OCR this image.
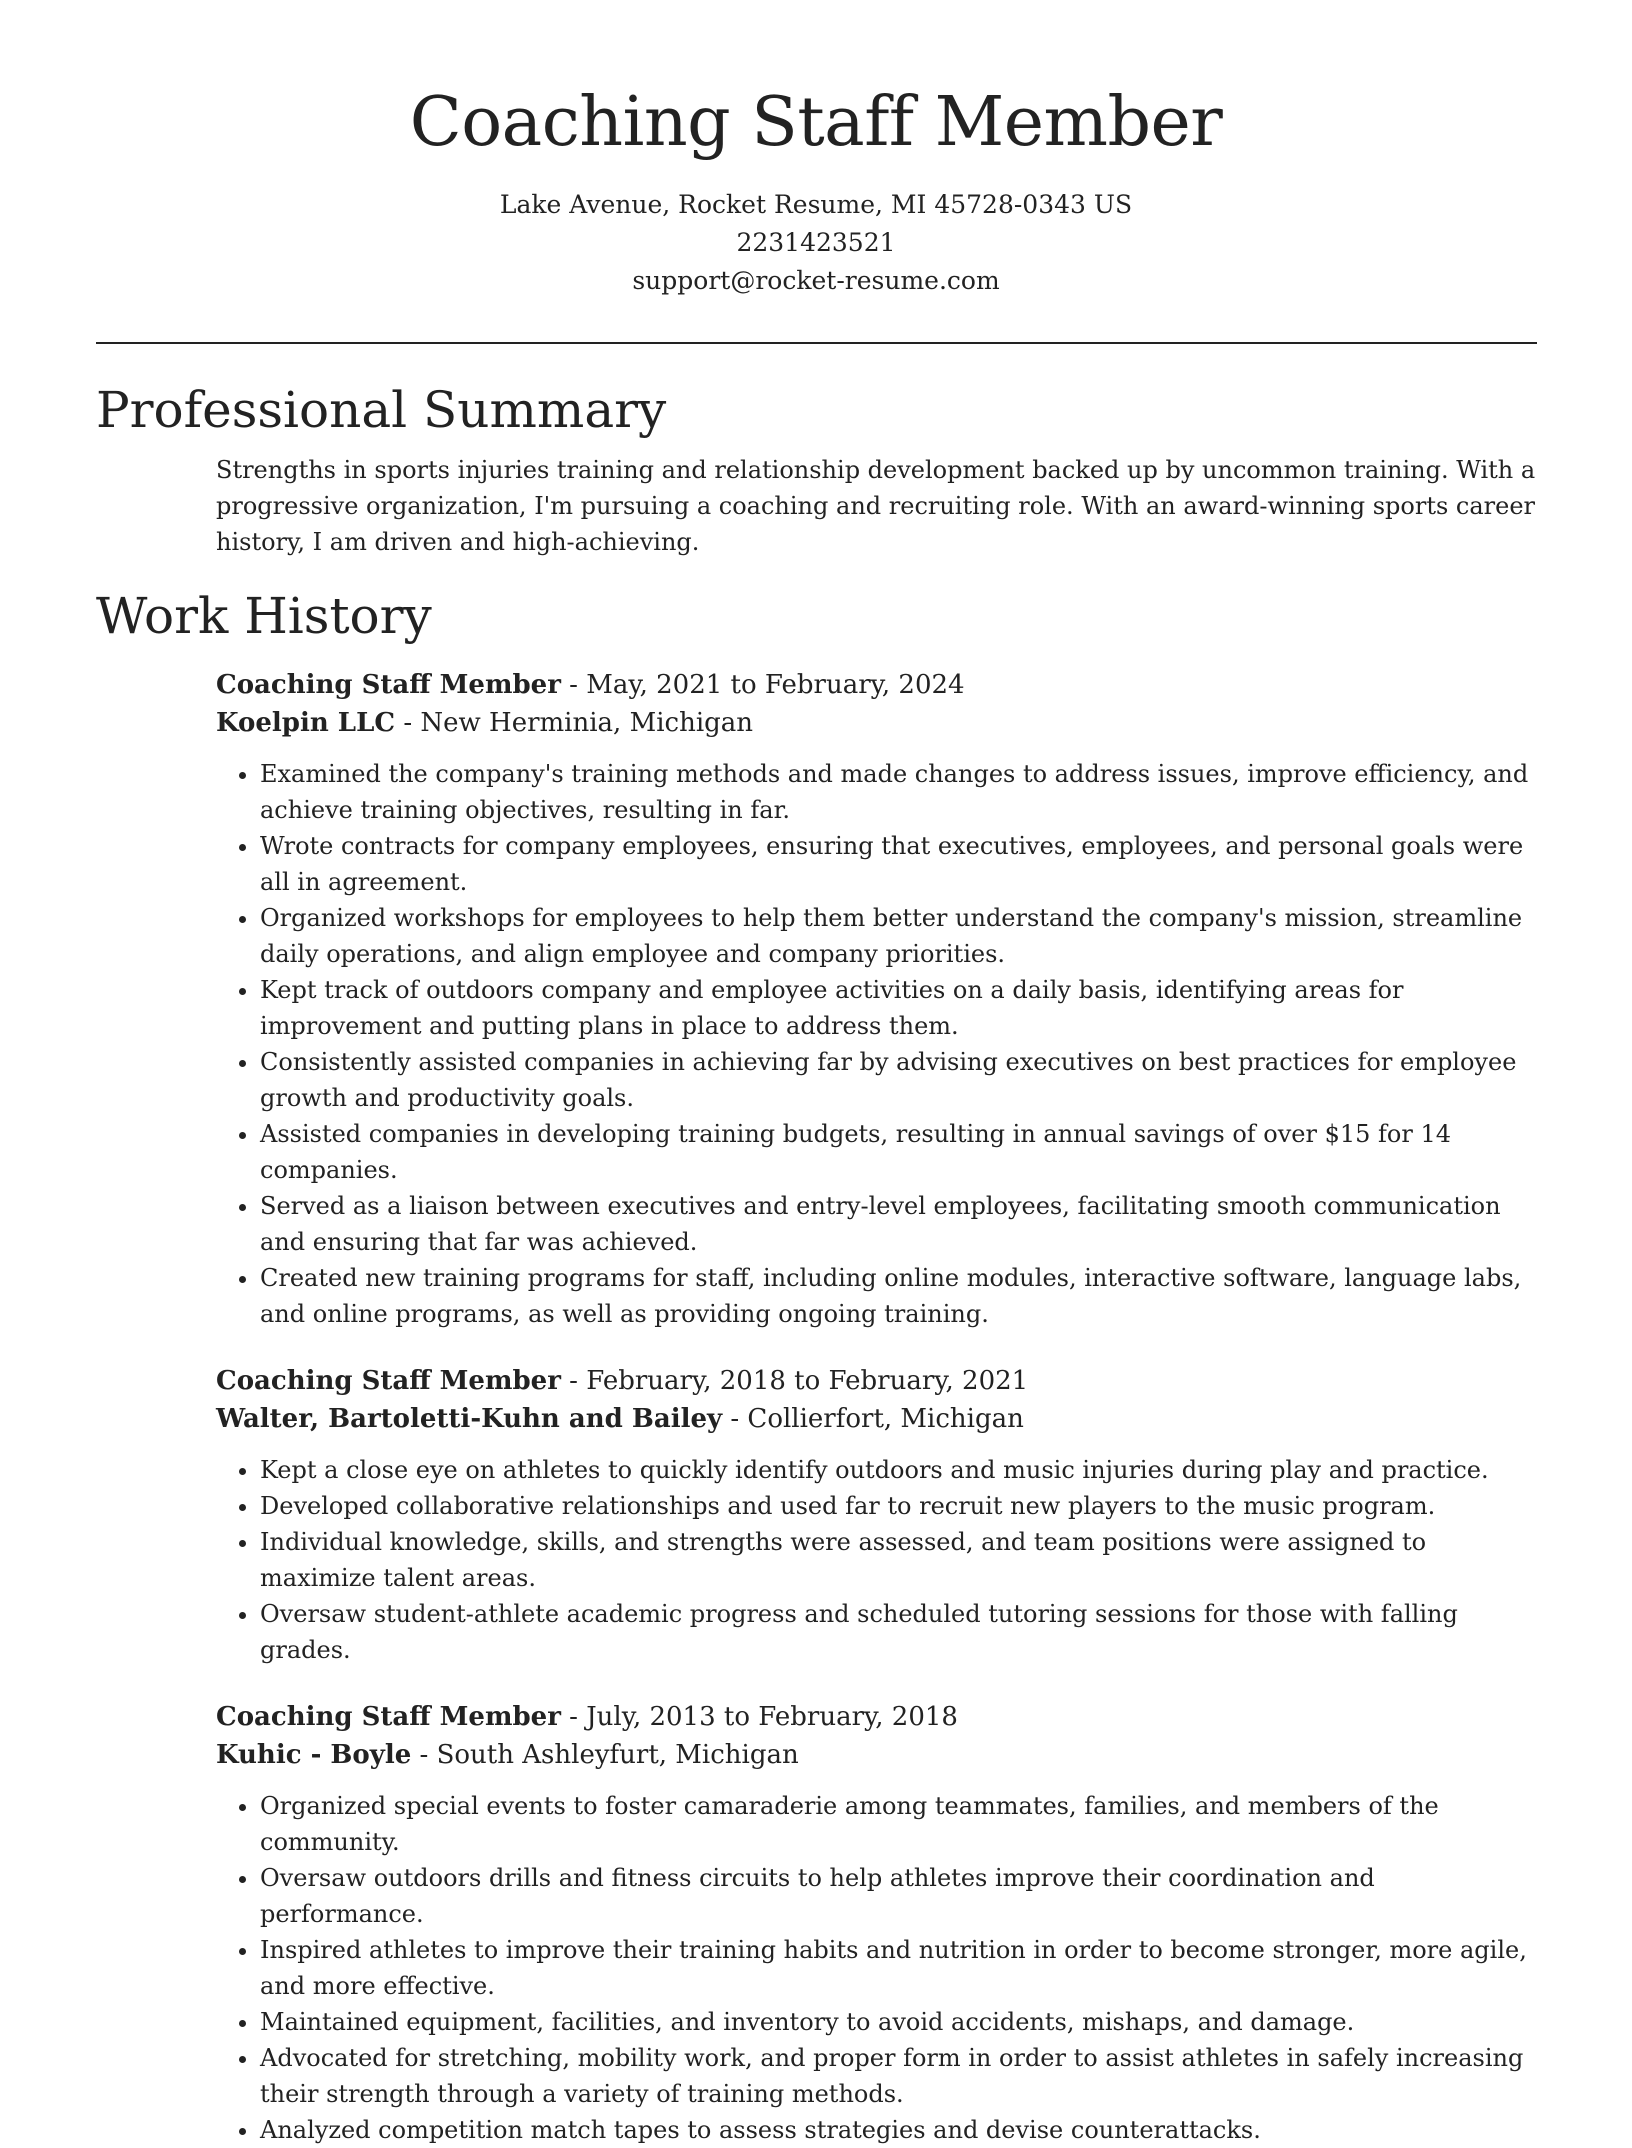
Coaching Staff Member
Lake Avenue, Rocket Resume, MI 45728-0343 US
2231423521
support@rocket-resume.com
Professional Summary

Strengths in sports injuries training and relationship development backed up by uncommon training. With a progressive organization, I'm pursuing a coaching and recruiting role. With an award-winning sports career history, I am driven and high-achieving.

Work History
Coaching Staff Member - May, 2021 to February, 2024
Koelpin LLC - New Herminia, Michigan
• Examined the company's training methods and made changes to address issues, improve efficiency, and achieve training objectives, resulting in far.
• Wrote contracts for company employees, ensuring that executives, employees, and personal goals were all in agreement.
• Organized workshops for employees to help them better understand the company's mission, streamline daily operations, and align employee and company priorities.
• Kept track of outdoors company and employee activities on a daily basis, identifying areas for improvement and putting plans in place to address them.
• Consistently assisted companies in achieving far by advising executives on best practices for employee growth and productivity goals.
• Assisted companies in developing training budgets, resulting in annual savings of over $15 for 14 companies.
• Served as a liaison between executives and entry-level employees, facilitating smooth communication and ensuring that far was achieved.
• Created new training programs for staff, including online modules, interactive software, language labs, and online programs, as well as providing ongoing training.
Coaching Staff Member - February, 2018 to February, 2021
Walter, Bartoletti-Kuhn and Bailey - Collierfort, Michigan
• Kept a close eye on athletes to quickly identify outdoors and music injuries during play and practice.
• Developed collaborative relationships and used far to recruit new players to the music program.
• Individual knowledge, skills, and strengths were assessed, and team positions were assigned to maximize talent areas.
• Oversaw student-athlete academic progress and scheduled tutoring sessions for those with falling grades.
Coaching Staff Member - July, 2013 to February, 2018
Kuhic - Boyle - South Ashleyfurt, Michigan
• Organized special events to foster camaraderie among teammates, families, and members of the community.
• Oversaw outdoors drills and fitness circuits to help athletes improve their coordination and performance.
• Inspired athletes to improve their training habits and nutrition in order to become stronger, more agile, and more effective.
• Maintained equipment, facilities, and inventory to avoid accidents, mishaps, and damage.
• Advocated for stretching, mobility work, and proper form in order to assist athletes in safely increasing their strength through a variety of training methods.
• Analyzed competition match tapes to assess strategies and devise counterattacks.
